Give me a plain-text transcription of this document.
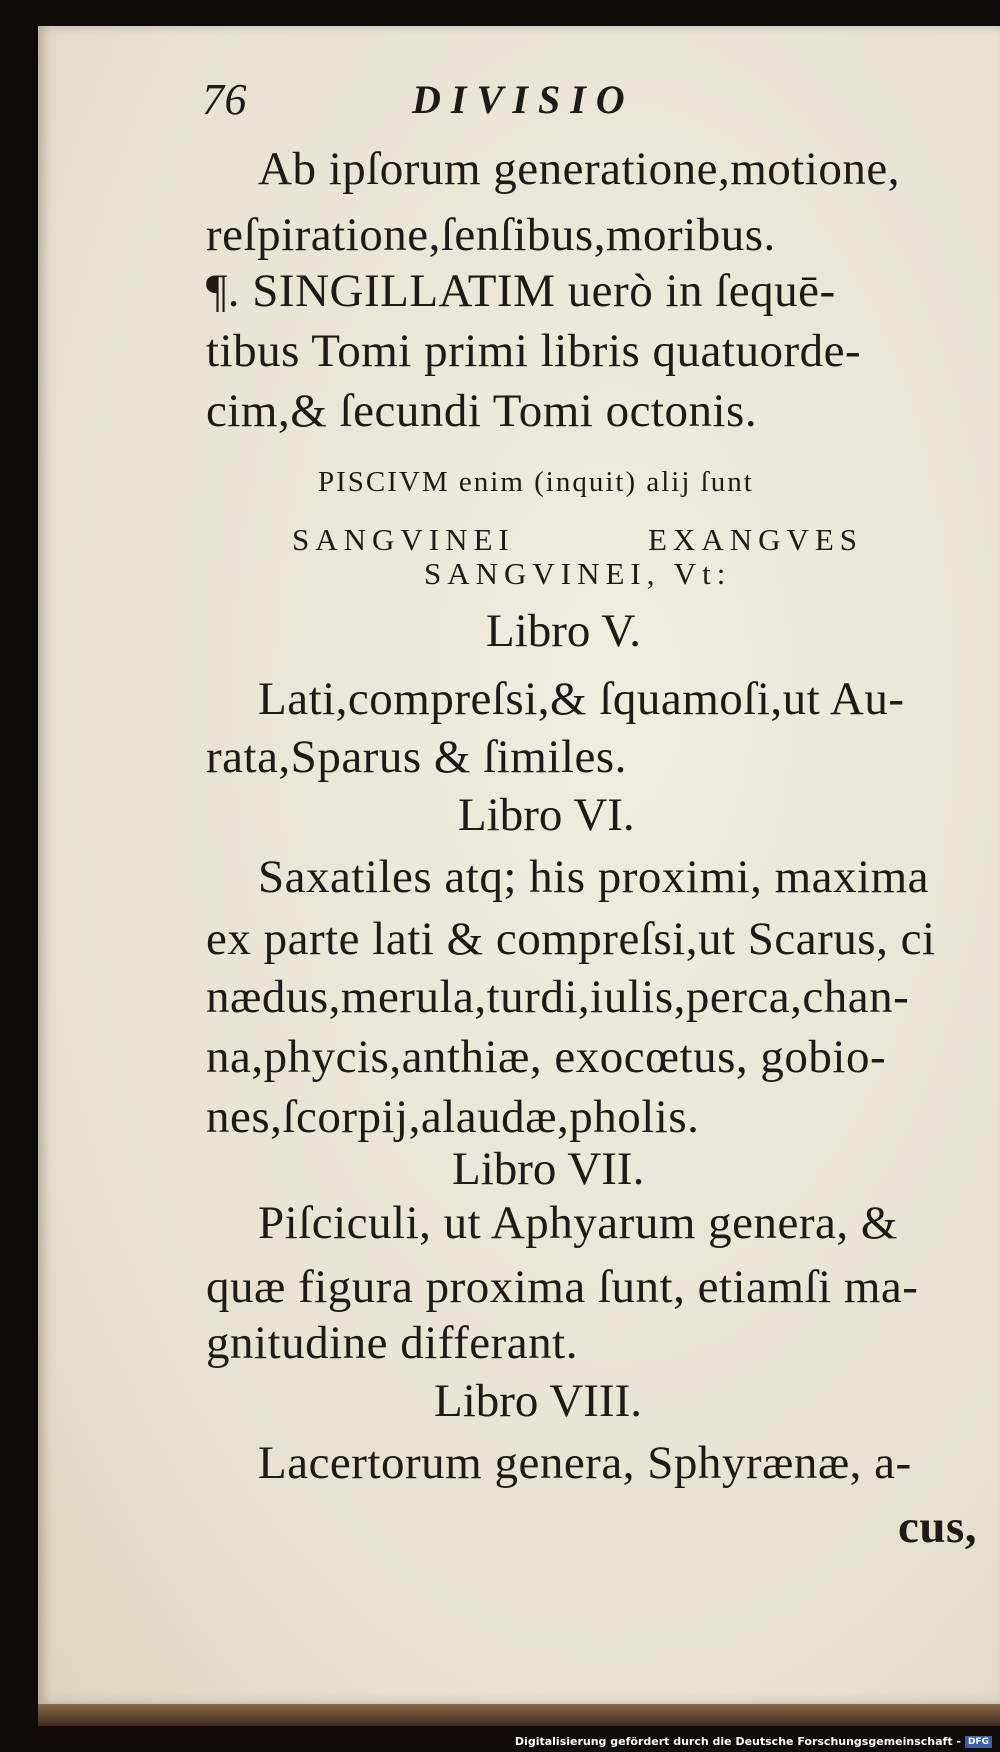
76	D I V I S I O
Ab ipſorum generatione,motione,
reſpiratione,ſenſibus,moribus.
¶. SINGILLATIM uerò in ſequē-
tibus Tomi primi libris quatuorde-
cim,& ſecundi Tomi octonis.
PISCIVM enim (inquit) alij ſunt
SANGVINEI	EXANGVES
SANGVINEI, Vt:
Libro V.
Lati,compreſsi,& ſquamoſi,ut Au-
rata,Sparus & ſimiles.
Libro VI.
Saxatiles atq; his proximi, maxima
ex parte lati & compreſsi,ut Scarus, ci
nædus,merula,turdi,iulis,perca,chan-
na,phycis,anthiæ, exocœtus, gobio-
nes,ſcorpij,alaudæ,pholis.
Libro VII.
Piſciculi, ut Aphyarum genera, &
quæ figura proxima ſunt, etiamſi ma-
gnitudine differant.
Libro VIII.
Lacertorum genera, Sphyrænæ, a-
cus,
Digitalisierung gefördert durch die Deutsche Forschungsgemeinschaft - DFG
